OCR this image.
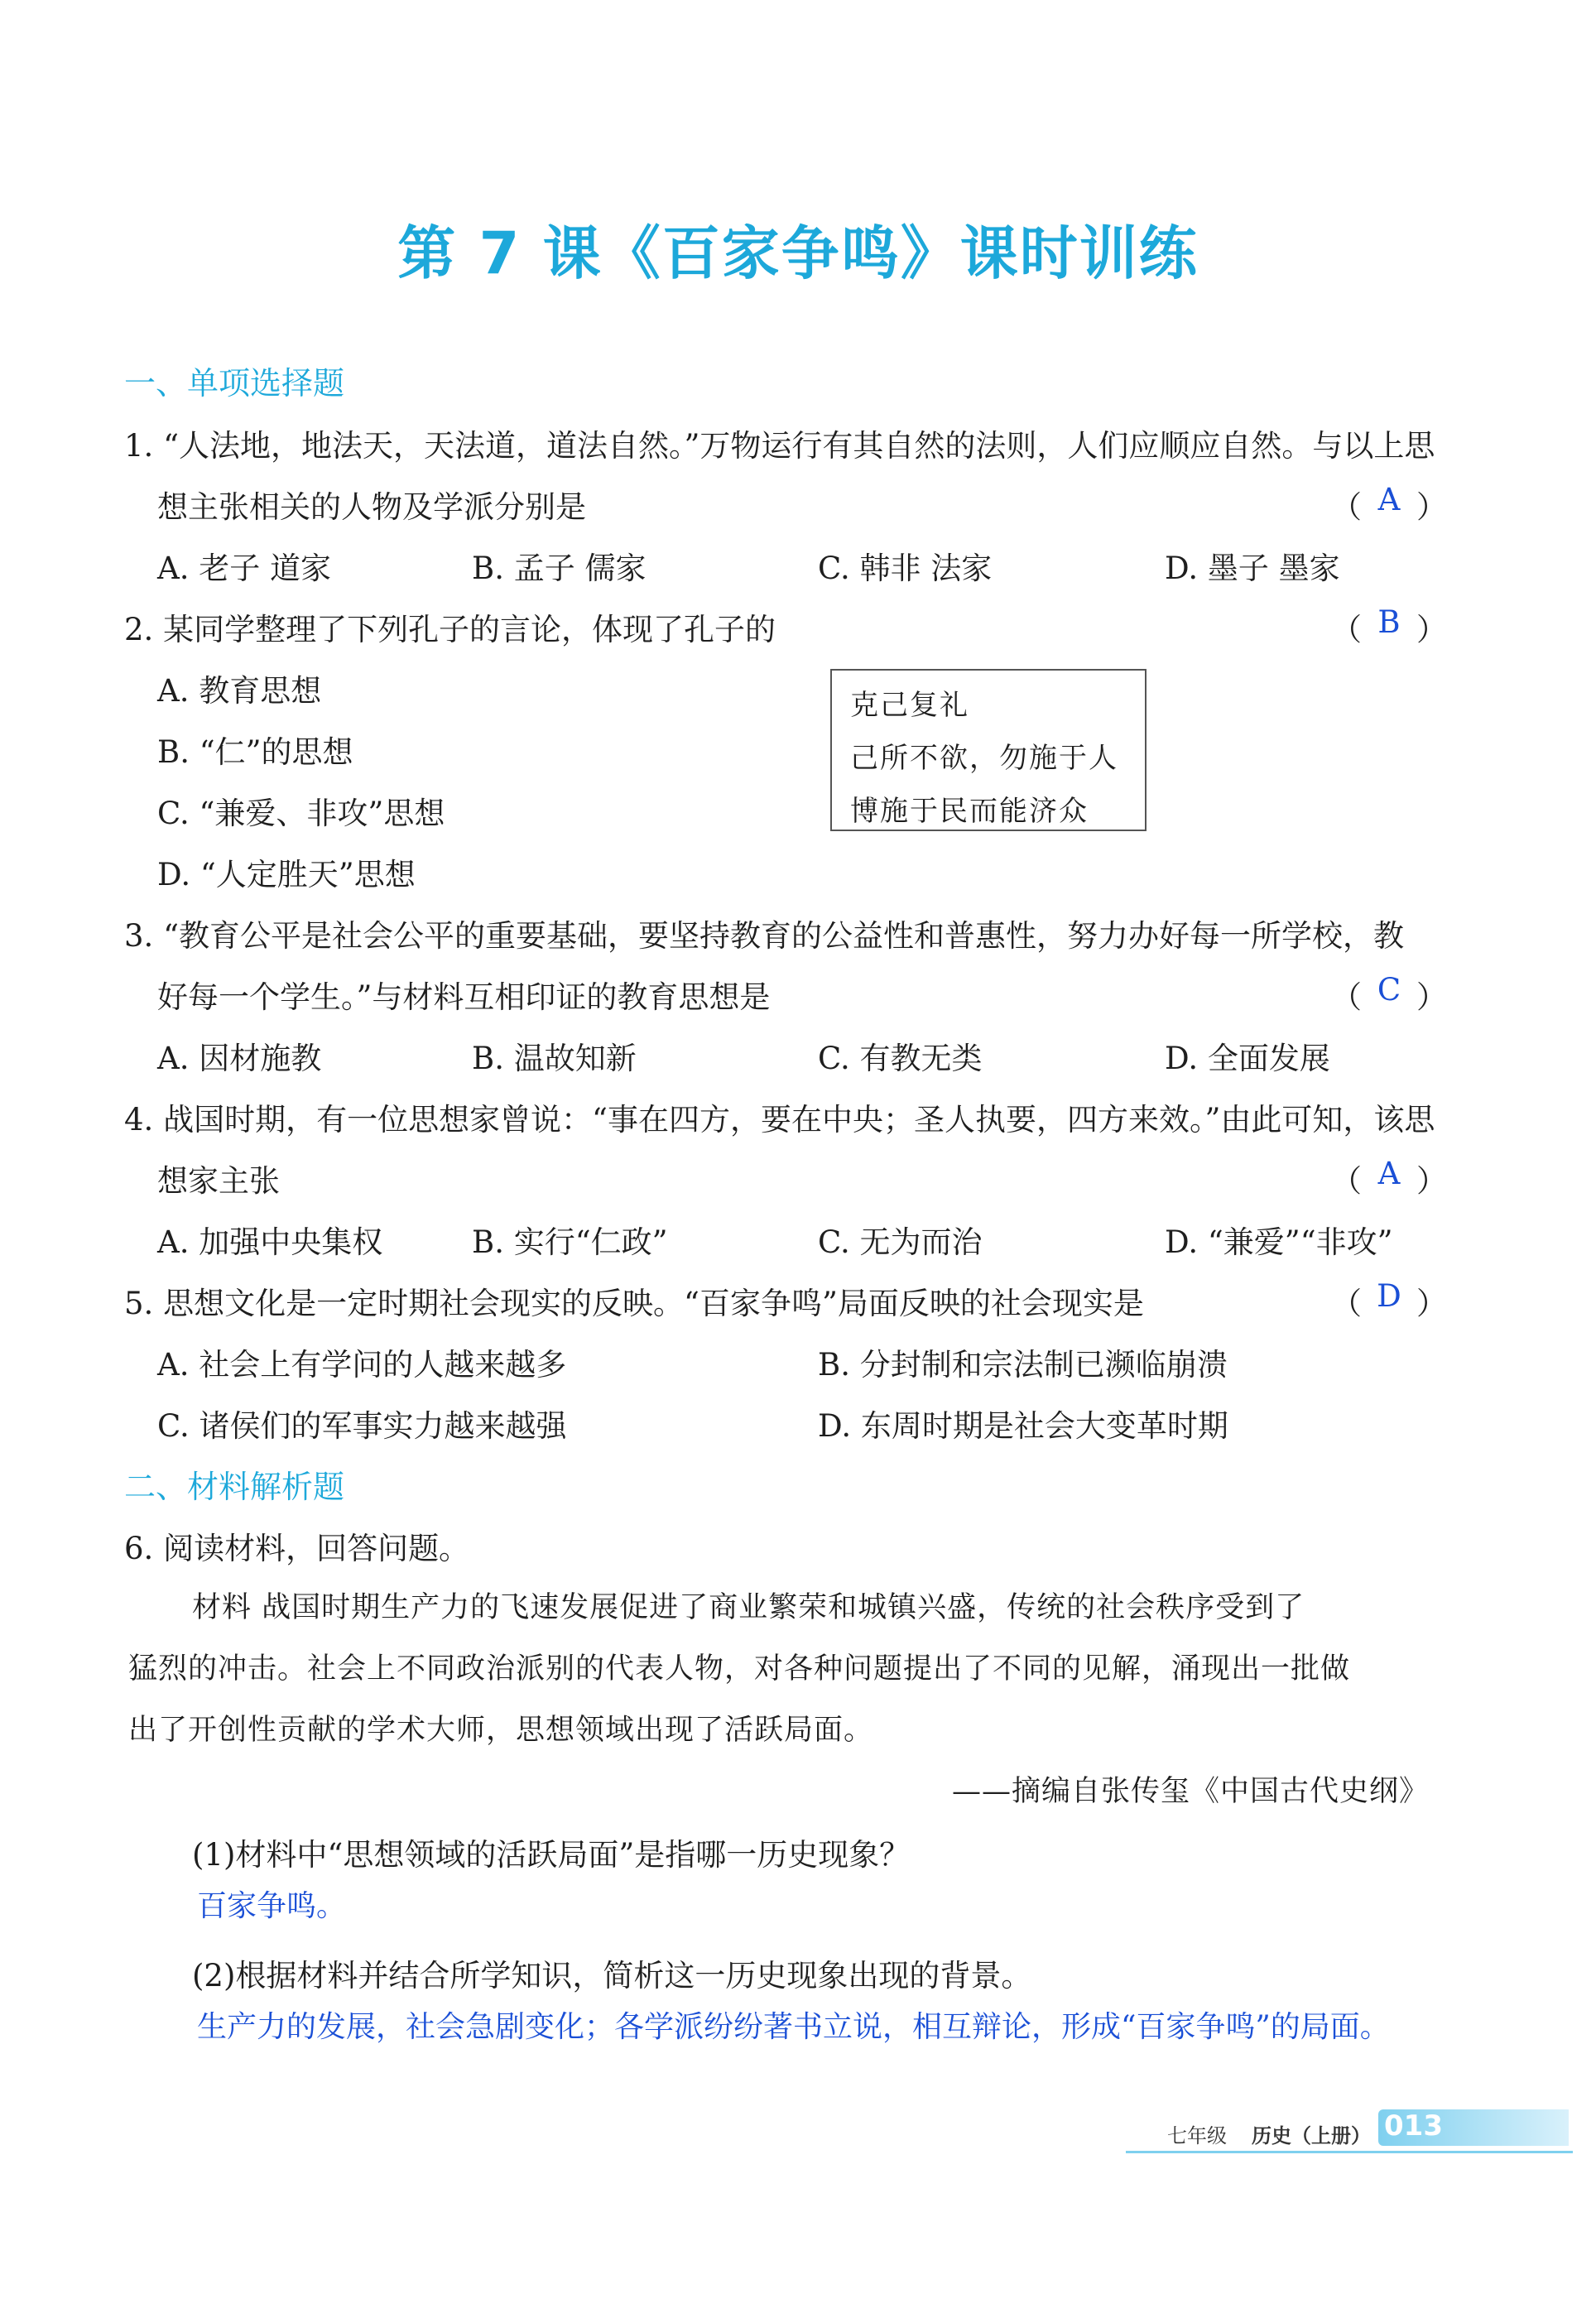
第 7 课《百家争鸣》课时训练
一、单项选择题
1. “人法地，地法天，天法道，道法自然。”万物运行有其自然的法则，人们应顺应自然。与以上思
想主张相关的人物及学派分别是	（ A ）
A. 老子 道家	B. 孟子 儒家	C. 韩非 法家	D. 墨子 墨家
2. 某同学整理了下列孔子的言论，体现了孔子的	（ B ）
A. 教育思想
B. “仁”的思想
C. “兼爱、非攻”思想
D. “人定胜天”思想
克己复礼
己所不欲，勿施于人
博施于民而能济众
3. “教育公平是社会公平的重要基础，要坚持教育的公益性和普惠性，努力办好每一所学校，教
好每一个学生。”与材料互相印证的教育思想是	（ C ）
A. 因材施教	B. 温故知新	C. 有教无类	D. 全面发展
4. 战国时期，有一位思想家曾说：“事在四方，要在中央；圣人执要，四方来效。”由此可知，该思
想家主张	（ A ）
A. 加强中央集权	B. 实行“仁政”	C. 无为而治	D. “兼爱”“非攻”
5. 思想文化是一定时期社会现实的反映。“百家争鸣”局面反映的社会现实是	（ D ）
A. 社会上有学问的人越来越多	B. 分封制和宗法制已濒临崩溃
C. 诸侯们的军事实力越来越强	D. 东周时期是社会大变革时期
二、材料解析题
6. 阅读材料，回答问题。
材料 战国时期生产力的飞速发展促进了商业繁荣和城镇兴盛，传统的社会秩序受到了
猛烈的冲击。社会上不同政治派别的代表人物，对各种问题提出了不同的见解，涌现出一批做
出了开创性贡献的学术大师，思想领域出现了活跃局面。
——摘编自张传玺《中国古代史纲》
(1)材料中“思想领域的活跃局面”是指哪一历史现象？
百家争鸣。
(2)根据材料并结合所学知识，简析这一历史现象出现的背景。
生产力的发展，社会急剧变化；各学派纷纷著书立说，相互辩论，形成“百家争鸣”的局面。
七年级 历史（上册） 013
